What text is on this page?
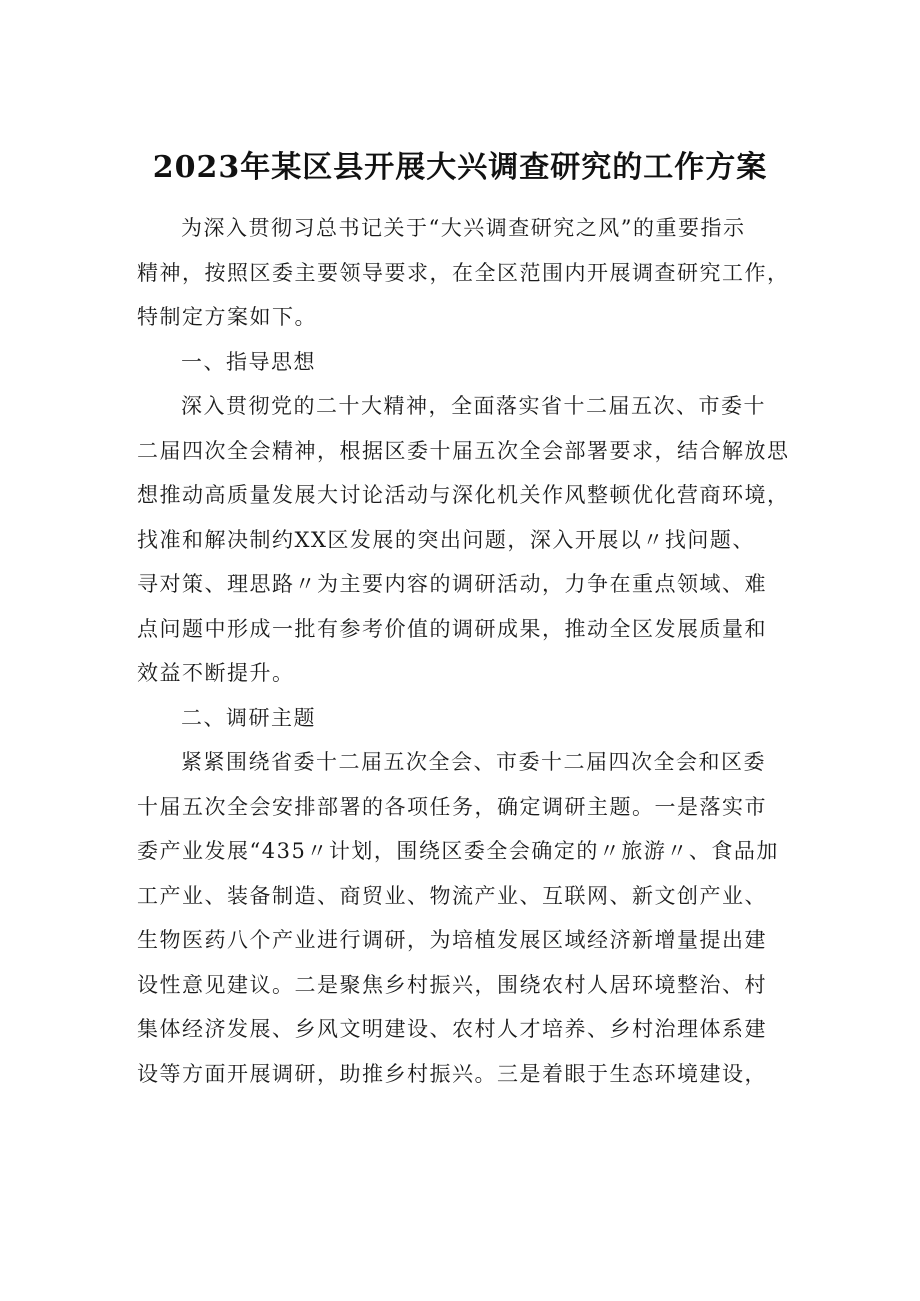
2023年某区县开展大兴调查研究的工作方案
为深入贯彻习总书记关于“大兴调查研究之风”的重要指示
精神，按照区委主要领导要求，在全区范围内开展调查研究工作，
特制定方案如下。
一、指导思想
深入贯彻党的二十大精神，全面落实省十二届五次、市委十
二届四次全会精神，根据区委十届五次全会部署要求，结合解放思
想推动高质量发展大讨论活动与深化机关作风整顿优化营商环境，
找准和解决制约XX区发展的突出问题，深入开展以〃找问题、
寻对策、理思路〃为主要内容的调研活动，力争在重点领域、难
点问题中形成一批有参考价值的调研成果，推动全区发展质量和
效益不断提升。
二、调研主题
紧紧围绕省委十二届五次全会、市委十二届四次全会和区委
十届五次全会安排部署的各项任务，确定调研主题。一是落实市
委产业发展“435〃计划，围绕区委全会确定的〃旅游〃、食品加
工产业、装备制造、商贸业、物流产业、互联网、新文创产业、
生物医药八个产业进行调研，为培植发展区域经济新增量提出建
设性意见建议。二是聚焦乡村振兴，围绕农村人居环境整治、村
集体经济发展、乡风文明建设、农村人才培养、乡村治理体系建
设等方面开展调研，助推乡村振兴。三是着眼于生态环境建设，
